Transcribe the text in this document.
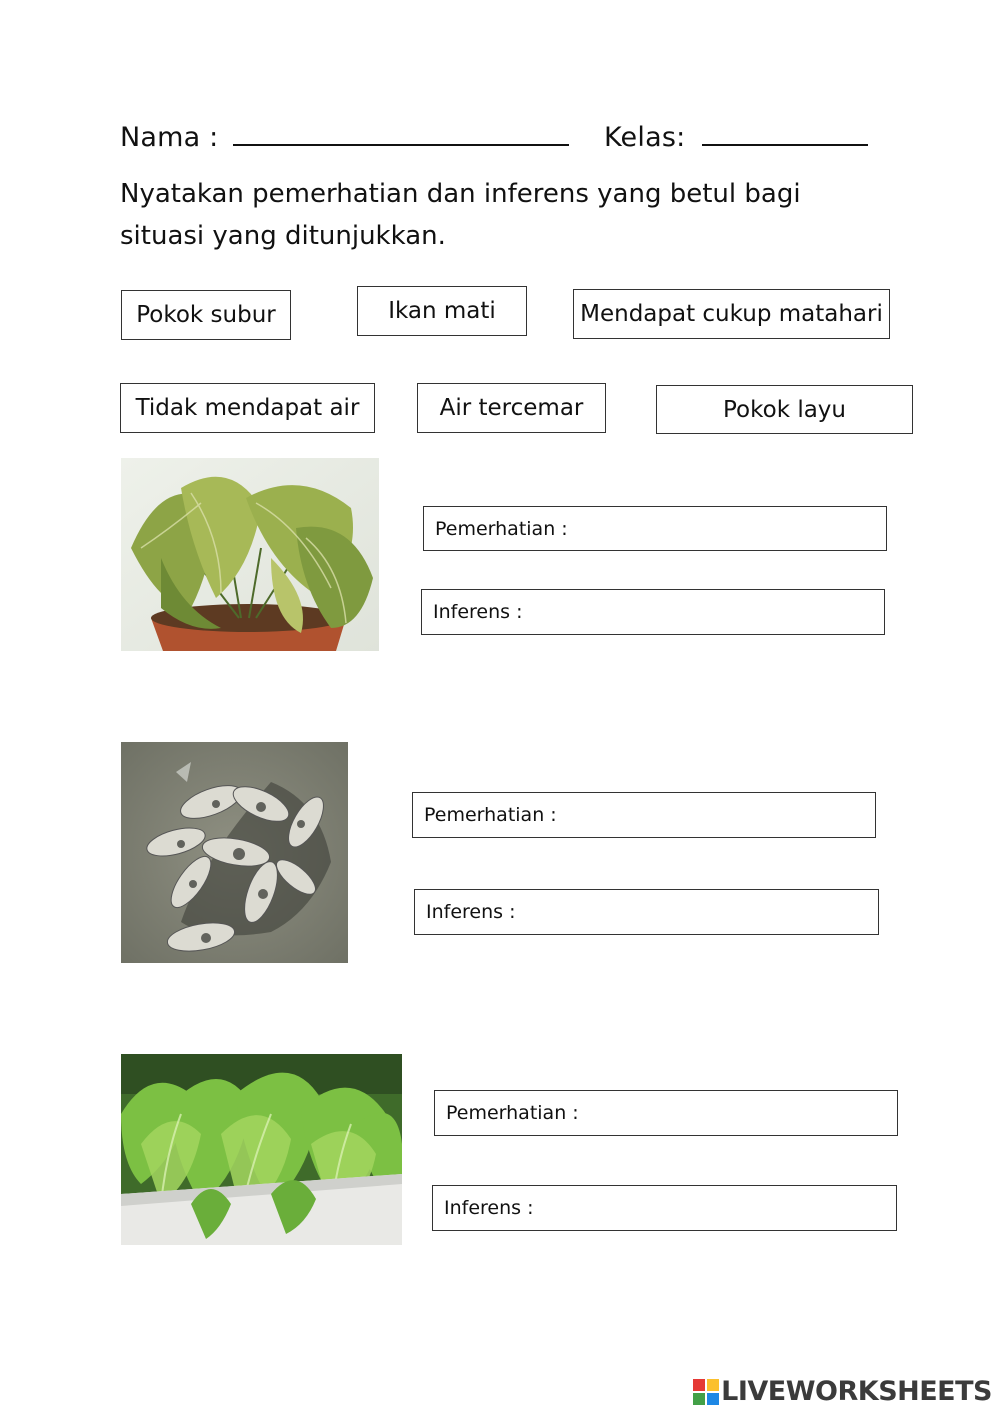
Nama :	Kelas:
Nyatakan pemerhatian dan inferens yang betul bagi situasi yang ditunjukkan.
Pokok subur	Ikan mati	Mendapat cukup matahari
Tidak mendapat air	Air tercemar	Pokok layu
Pemerhatian :
Inferens :
Pemerhatian :
Inferens :
Pemerhatian :
Inferens :
LIVEWORKSHEETS
